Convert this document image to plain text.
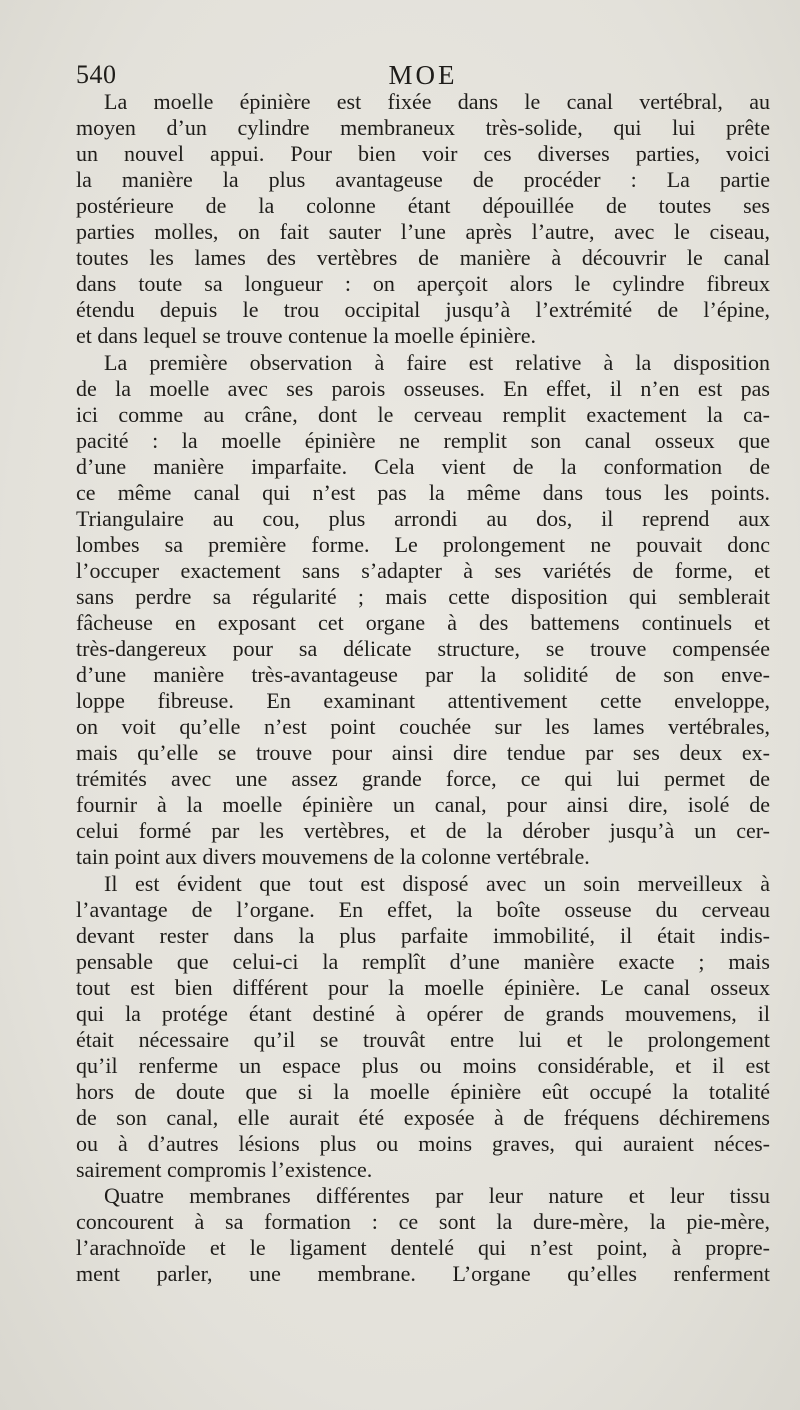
540	MOE
La moelle épinière est fixée dans le canal vertébral, au
moyen d’un cylindre membraneux très-solide, qui lui prête
un nouvel appui. Pour bien voir ces diverses parties, voici
la manière la plus avantageuse de procéder : La partie
postérieure de la colonne étant dépouillée de toutes ses
parties molles, on fait sauter l’une après l’autre, avec le ciseau,
toutes les lames des vertèbres de manière à découvrir le canal
dans toute sa longueur : on aperçoit alors le cylindre fibreux
étendu depuis le trou occipital jusqu’à l’extrémité de l’épine,
et dans lequel se trouve contenue la moelle épinière.
La première observation à faire est relative à la disposition
de la moelle avec ses parois osseuses. En effet, il n’en est pas
ici comme au crâne, dont le cerveau remplit exactement la ca-
pacité : la moelle épinière ne remplit son canal osseux que
d’une manière imparfaite. Cela vient de la conformation de
ce même canal qui n’est pas la même dans tous les points.
Triangulaire au cou, plus arrondi au dos, il reprend aux
lombes sa première forme. Le prolongement ne pouvait donc
l’occuper exactement sans s’adapter à ses variétés de forme, et
sans perdre sa régularité ; mais cette disposition qui semblerait
fâcheuse en exposant cet organe à des battemens continuels et
très-dangereux pour sa délicate structure, se trouve compensée
d’une manière très-avantageuse par la solidité de son enve-
loppe fibreuse. En examinant attentivement cette enveloppe,
on voit qu’elle n’est point couchée sur les lames vertébrales,
mais qu’elle se trouve pour ainsi dire tendue par ses deux ex-
trémités avec une assez grande force, ce qui lui permet de
fournir à la moelle épinière un canal, pour ainsi dire, isolé de
celui formé par les vertèbres, et de la dérober jusqu’à un cer-
tain point aux divers mouvemens de la colonne vertébrale.
Il est évident que tout est disposé avec un soin merveilleux à
l’avantage de l’organe. En effet, la boîte osseuse du cerveau
devant rester dans la plus parfaite immobilité, il était indis-
pensable que celui-ci la remplît d’une manière exacte ; mais
tout est bien différent pour la moelle épinière. Le canal osseux
qui la protége étant destiné à opérer de grands mouvemens, il
était nécessaire qu’il se trouvât entre lui et le prolongement
qu’il renferme un espace plus ou moins considérable, et il est
hors de doute que si la moelle épinière eût occupé la totalité
de son canal, elle aurait été exposée à de fréquens déchiremens
ou à d’autres lésions plus ou moins graves, qui auraient néces-
sairement compromis l’existence.
Quatre membranes différentes par leur nature et leur tissu
concourent à sa formation : ce sont la dure-mère, la pie-mère,
l’arachnoïde et le ligament dentelé qui n’est point, à propre-
ment parler, une membrane. L’organe qu’elles renferment
